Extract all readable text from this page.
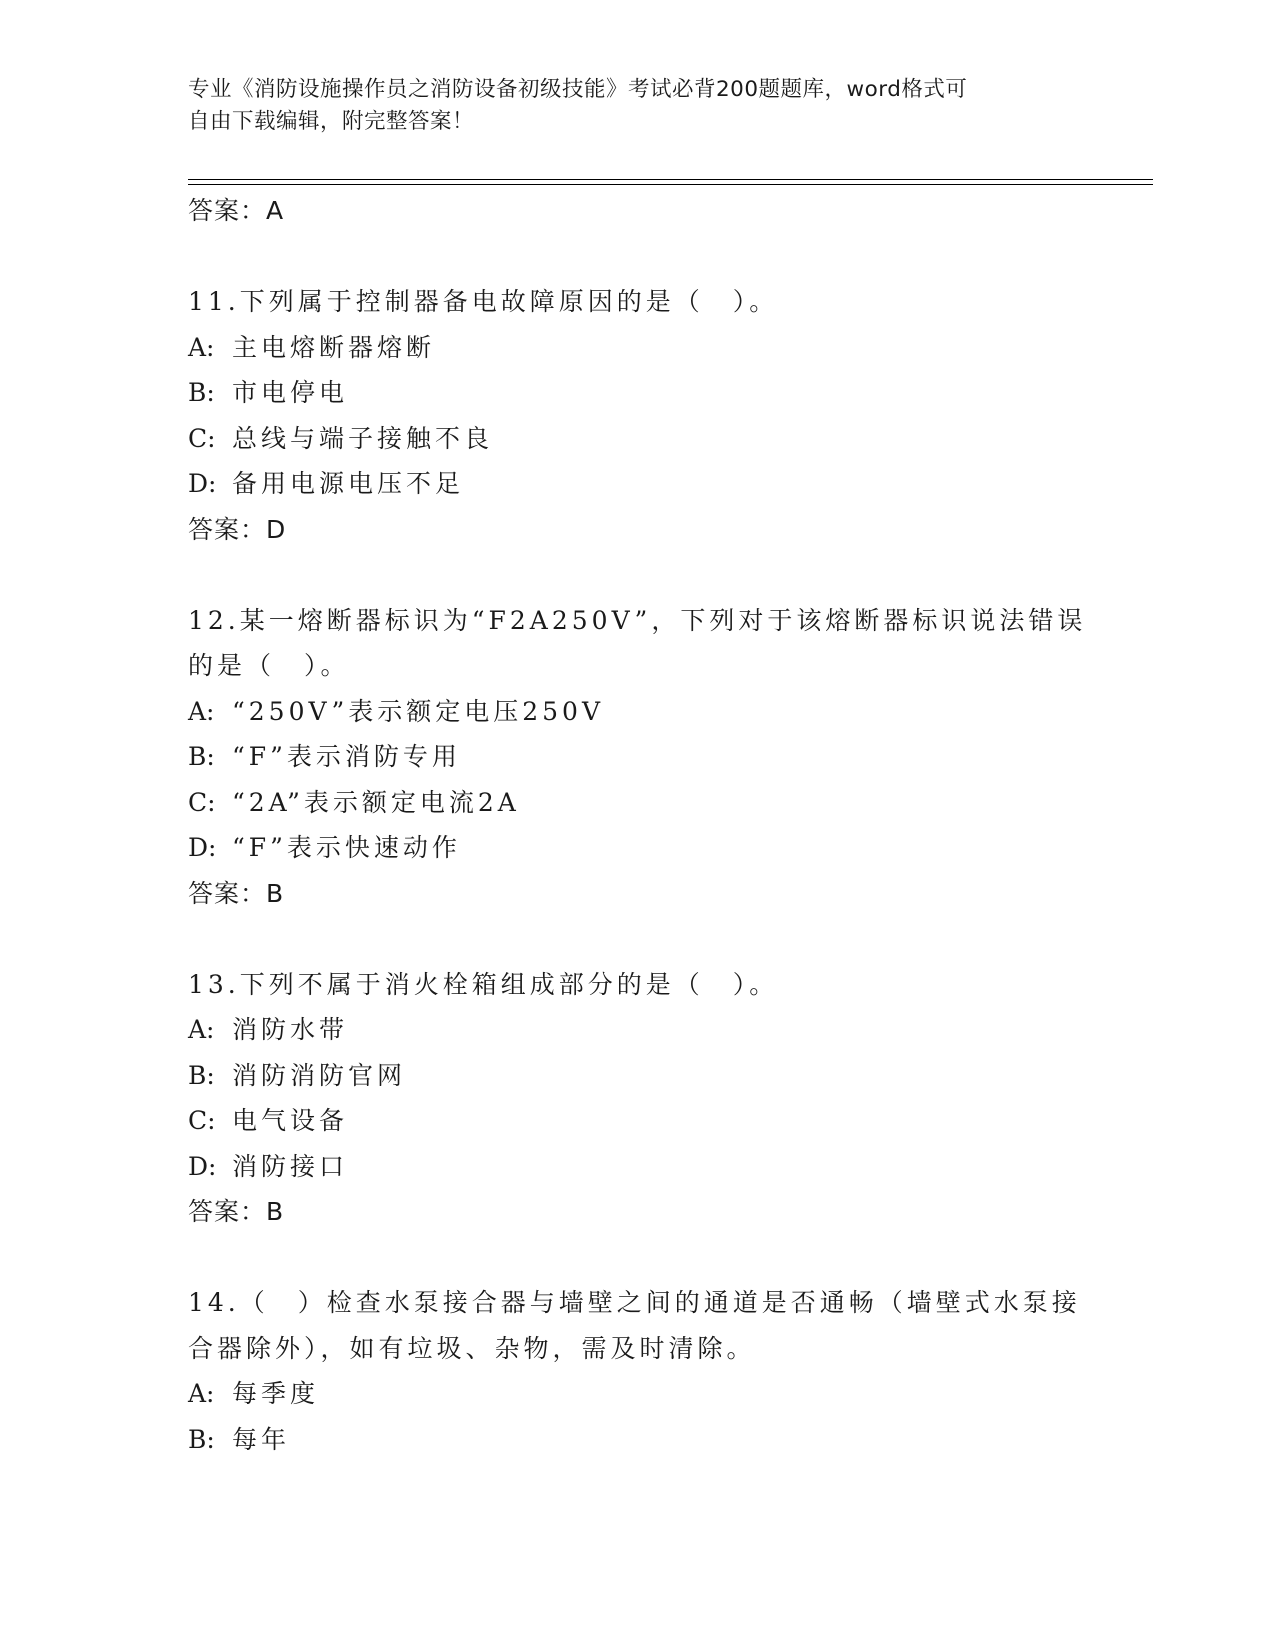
专业《消防设施操作员之消防设备初级技能》考试必背200题题库，word格式可
自由下载编辑，附完整答案！
答案：A
11.下列属于控制器备电故障原因的是（　）。
A: 主电熔断器熔断
B: 市电停电
C: 总线与端子接触不良
D: 备用电源电压不足
答案：D
12.某一熔断器标识为“F2A250V”，下列对于该熔断器标识说法错误
的是（　）。
A: “250V”表示额定电压250V
B: “F”表示消防专用
C: “2A”表示额定电流2A
D: “F”表示快速动作
答案：B
13.下列不属于消火栓箱组成部分的是（　）。
A: 消防水带
B: 消防消防官网
C: 电气设备
D: 消防接口
答案：B
14.（　）检查水泵接合器与墙壁之间的通道是否通畅（墙壁式水泵接
合器除外），如有垃圾、杂物，需及时清除。
A: 每季度
B: 每年
